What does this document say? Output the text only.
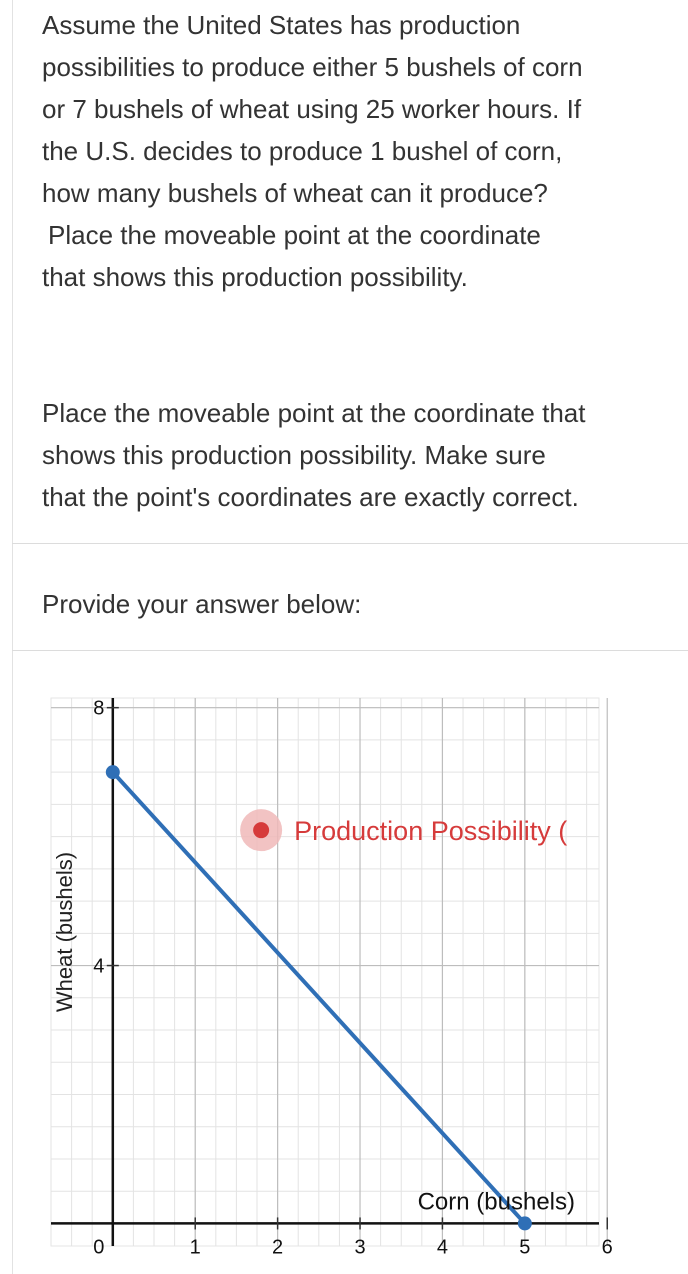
Assume the United States has production

possibilities to produce either 5 bushels of corn

or 7 bushels of wheat using 25 worker hours. If

the U.S. decides to produce 1 bushel of corn,

how many bushels of wheat can it produce?

Place the moveable point at the coordinate

that shows this production possibility.

Place the moveable point at the coordinate that

shows this production possibility. Make sure

that the point's coordinates are exactly correct.

Provide your answer below:
0	1	2	3	4	5	6
4
8
Wheat (bushels)
Production Possibility (
Corn (bushels)
